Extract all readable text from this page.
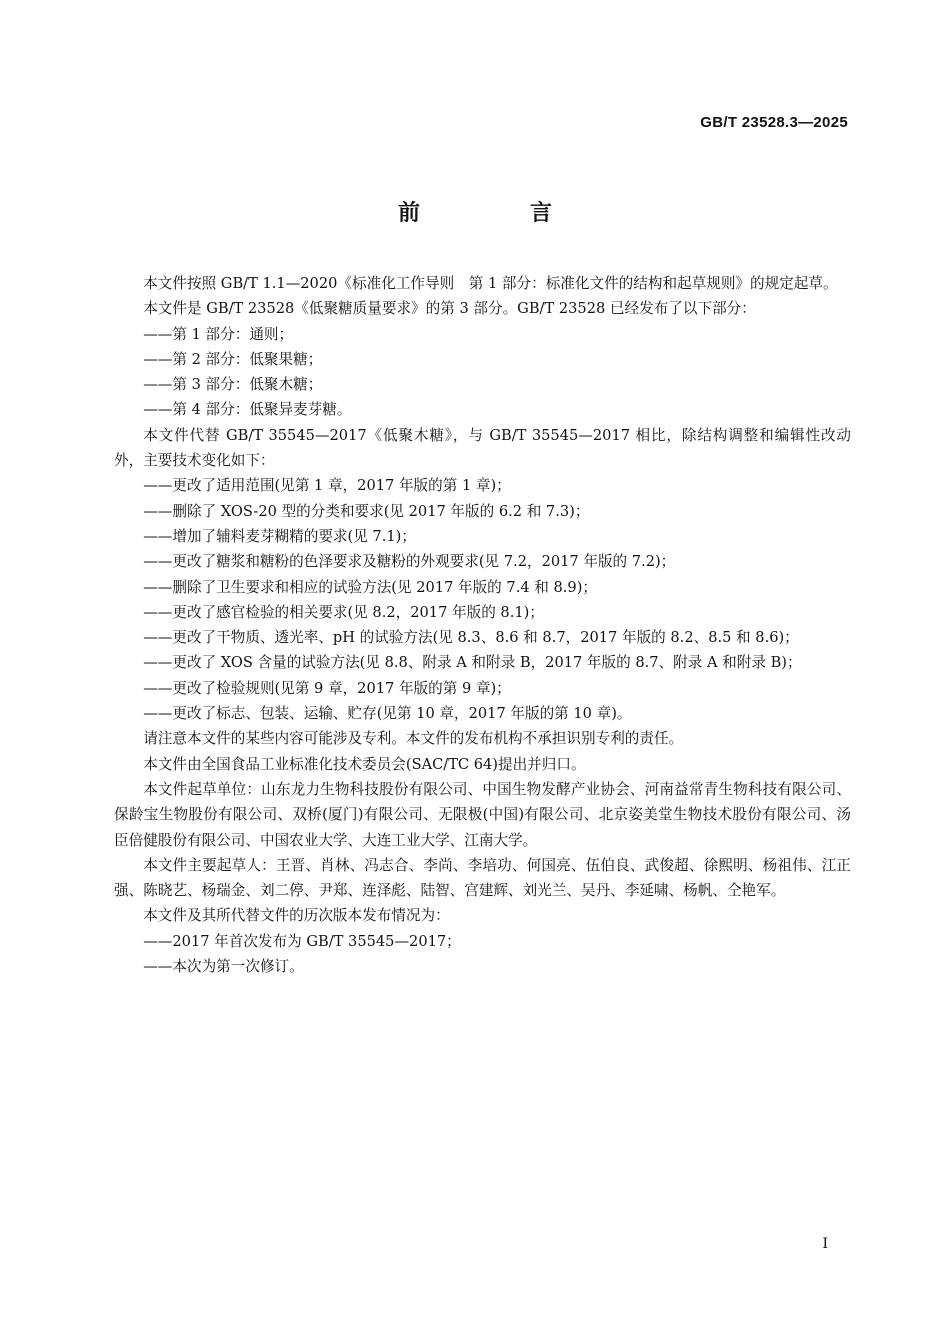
GB/T 23528.3—2025
前　言

本文件按照 GB/T 1.1—2020《标准化工作导则　第 1 部分：标准化文件的结构和起草规则》的规定起草。

本文件是 GB/T 23528《低聚糖质量要求》的第 3 部分。GB/T 23528 已经发布了以下部分：

——第 1 部分：通则；

——第 2 部分：低聚果糖；

——第 3 部分：低聚木糖；

——第 4 部分：低聚异麦芽糖。

本文件代替 GB/T 35545—2017《低聚木糖》，与 GB/T 35545—2017 相比，除结构调整和编辑性改动外，主要技术变化如下：

——更改了适用范围(见第 1 章，2017 年版的第 1 章)；

——删除了 XOS-20 型的分类和要求(见 2017 年版的 6.2 和 7.3)；

——增加了辅料麦芽糊精的要求(见 7.1)；

——更改了糖浆和糖粉的色泽要求及糖粉的外观要求(见 7.2，2017 年版的 7.2)；

——删除了卫生要求和相应的试验方法(见 2017 年版的 7.4 和 8.9)；

——更改了感官检验的相关要求(见 8.2，2017 年版的 8.1)；

——更改了干物质、透光率、pH 的试验方法(见 8.3、8.6 和 8.7，2017 年版的 8.2、8.5 和 8.6)；

——更改了 XOS 含量的试验方法(见 8.8、附录 A 和附录 B，2017 年版的 8.7、附录 A 和附录 B)；

——更改了检验规则(见第 9 章，2017 年版的第 9 章)；

——更改了标志、包装、运输、贮存(见第 10 章，2017 年版的第 10 章)。

请注意本文件的某些内容可能涉及专利。本文件的发布机构不承担识别专利的责任。

本文件由全国食品工业标准化技术委员会(SAC/TC 64)提出并归口。

本文件起草单位：山东龙力生物科技股份有限公司、中国生物发酵产业协会、河南益常青生物科技有限公司、保龄宝生物股份有限公司、双桥(厦门)有限公司、无限极(中国)有限公司、北京姿美堂生物技术股份有限公司、汤臣倍健股份有限公司、中国农业大学、大连工业大学、江南大学。

本文件主要起草人：王晋、肖林、冯志合、李尚、李培功、何国亮、伍伯良、武俊超、徐熙明、杨祖伟、江正强、陈晓艺、杨瑞金、刘二停、尹郑、连泽彪、陆智、宫建辉、刘光兰、吴丹、李延啸、杨帆、仝艳军。

本文件及其所代替文件的历次版本发布情况为：

——2017 年首次发布为 GB/T 35545—2017；

——本次为第一次修订。

I
